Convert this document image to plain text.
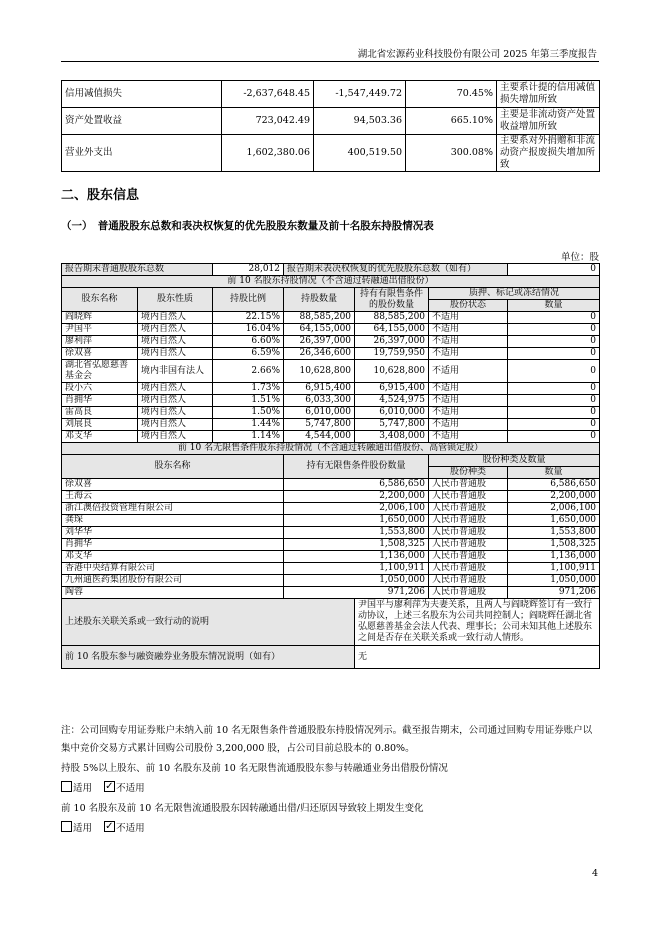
湖北省宏源药业科技股份有限公司 2025 年第三季度报告
信用减值损失	-2,637,648.45	-1,547,449.72	70.45%	主要系计提的信用减值损失增加所致
资产处置收益	723,042.49	94,503.36	665.10%	主要是非流动资产处置收益增加所致
营业外支出	1,602,380.06	400,519.50	300.08%	主要系对外捐赠和非流动资产报废损失增加所致
二、股东信息
（一）　普通股股东总数和表决权恢复的优先股股东数量及前十名股东持股情况表
单位：股
报告期末普通股股东总数		28,012	报告期末表决权恢复的优先股股东总数（如有）			0
前 10 名股东持股情况（不含通过转融通出借股份）						
股东名称	股东性质	持股比例	持股数量	持有有限售条件的股份数量	质押、标记或冻结情况	
					股份状态	数量
阎晓辉	境内自然人	22.15%	88,585,200	88,585,200	不适用	0
尹国平	境内自然人	16.04%	64,155,000	64,155,000	不适用	0
廖利萍	境内自然人	6.60%	26,397,000	26,397,000	不适用	0
徐双喜	境内自然人	6.59%	26,346,600	19,759,950	不适用	0
湖北省弘愿慈善基金会	境内非国有法人	2.66%	10,628,800	10,628,800	不适用	0
段小六	境内自然人	1.73%	6,915,400	6,915,400	不适用	0
肖拥华	境内自然人	1.51%	6,033,300	4,524,975	不适用	0
雷高良	境内自然人	1.50%	6,010,000	6,010,000	不适用	0
刘展良	境内自然人	1.44%	5,747,800	5,747,800	不适用	0
邓支华	境内自然人	1.14%	4,544,000	3,408,000	不适用	0
前 10 名无限售条件股东持股情况（不含通过转融通出借股份、高管锁定股）						
股东名称			持有无限售条件股份数量		股份种类及数量	
					股份种类	数量
徐双喜			6,586,650		人民币普通股	6,586,650
王海云			2,200,000		人民币普通股	2,200,000
浙江澳倍投资管理有限公司			2,006,100		人民币普通股	2,006,100
龚琛			1,650,000		人民币普通股	1,650,000
刘华华			1,553,800		人民币普通股	1,553,800
肖拥华			1,508,325		人民币普通股	1,508,325
邓支华			1,136,000		人民币普通股	1,136,000
香港中央结算有限公司			1,100,911		人民币普通股	1,100,911
九州通医药集团股份有限公司			1,050,000		人民币普通股	1,050,000
陶蓉			971,206		人民币普通股	971,206
上述股东关联关系或一致行动的说明				尹国平与廖利萍为夫妻关系，且两人与阎晓辉签订有一致行动协议，上述三名股东为公司共同控制人；阎晓辉任湖北省弘愿慈善基金会法人代表、理事长；公司未知其他上述股东之间是否存在关联关系或一致行动人情形。		
前 10 名股东参与融资融券业务股东情况说明（如有）				无		
注：公司回购专用证券账户未纳入前 10 名无限售条件普通股股东持股情况列示。截至报告期末，公司通过回购专用证券账户以集中竞价交易方式累计回购公司股份 3,200,000 股，占公司目前总股本的 0.80%。
持股 5%以上股东、前 10 名股东及前 10 名无限售流通股股东参与转融通业务出借股份情况
适用 ✓	不适用
前 10 名股东及前 10 名无限售流通股股东因转融通出借/归还原因导致较上期发生变化
适用 ✓	不适用
4
